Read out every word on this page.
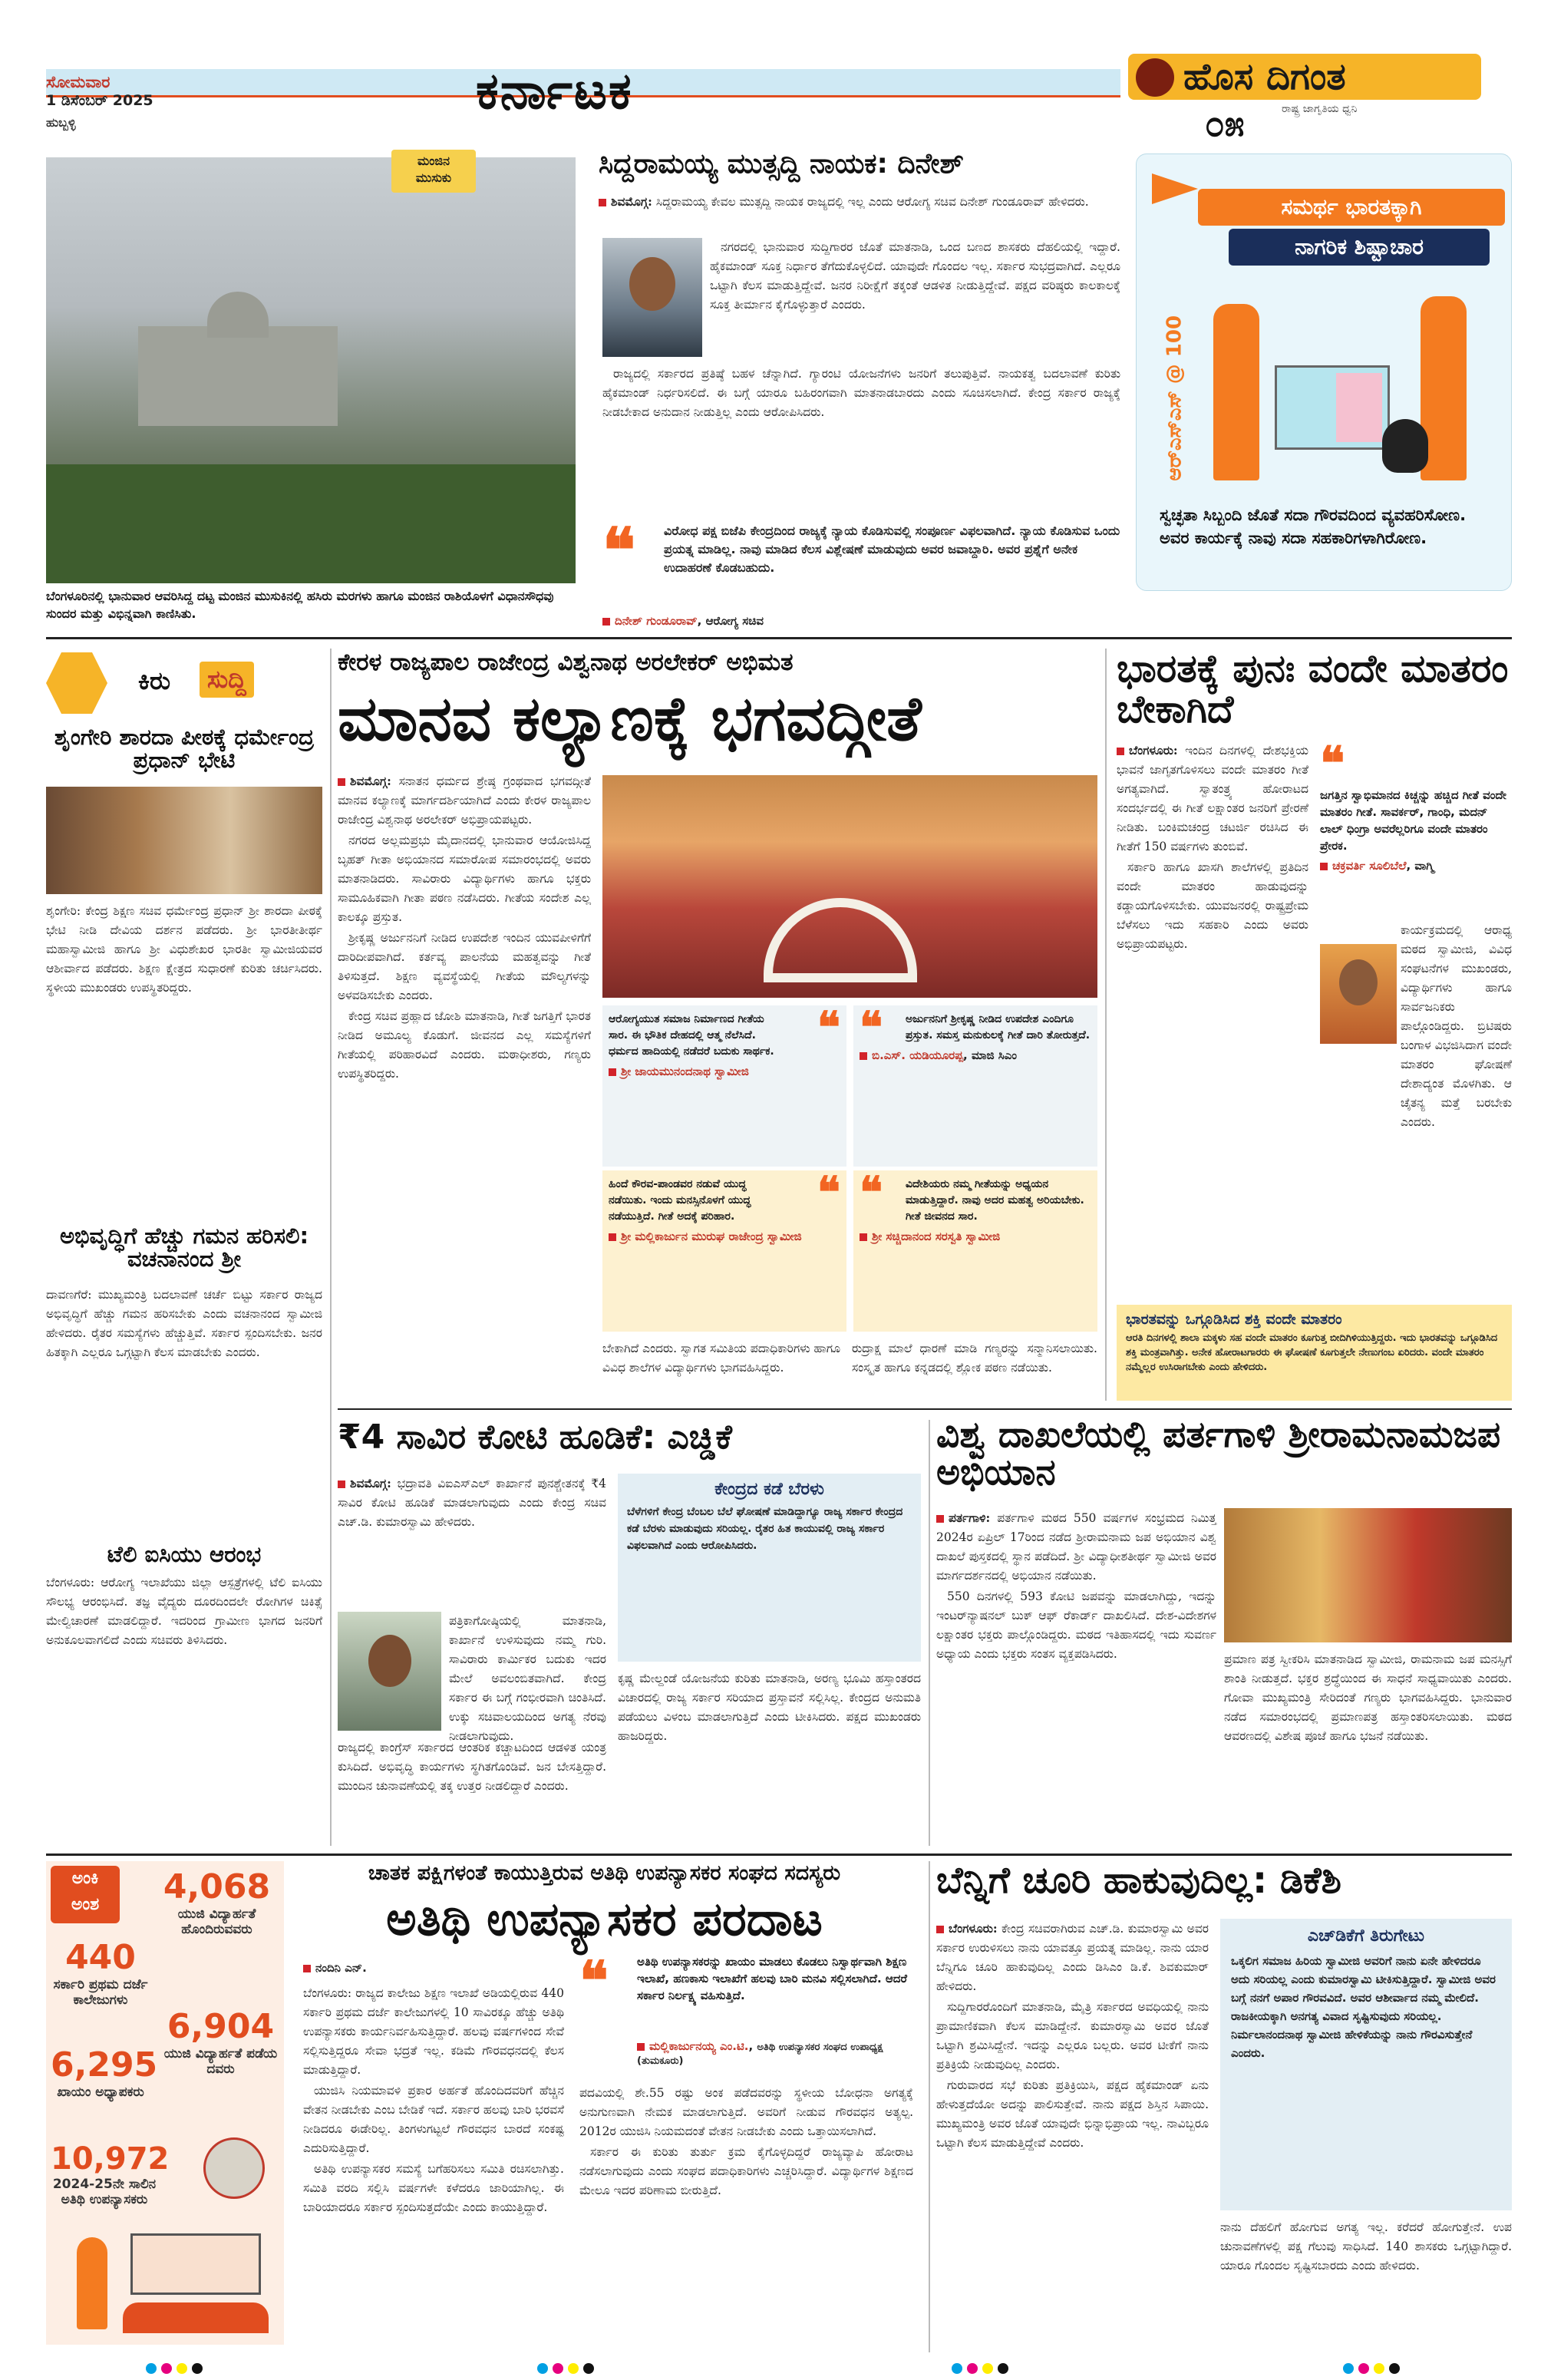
ಸೋಮವಾರ
1 ಡಿಸೆಂಬರ್ 2025
ಹುಬ್ಬಳ್ಳಿ
ಕರ್ನಾಟಕ	ಹೊಸ ದಿಗಂತ
ರಾಷ್ಟ್ರ ಜಾಗೃತಿಯ ಧ್ವನಿ
೦೫
ಮಂಜಿನ ಮುಸುಕು
ಬೆಂಗಳೂರಿನಲ್ಲಿ ಭಾನುವಾರ ಆವರಿಸಿದ್ದ ದಟ್ಟ ಮಂಜಿನ ಮುಸುಕಿನಲ್ಲಿ ಹಸಿರು ಮರಗಳು ಹಾಗೂ ಮಂಜಿನ ರಾಶಿಯೊಳಗೆ ವಿಧಾನಸೌಧವು ಸುಂದರ ಮತ್ತು ವಿಭಿನ್ನವಾಗಿ ಕಾಣಿಸಿತು.
ಸಿದ್ದರಾಮಯ್ಯ ಮುತ್ಸದ್ದಿ ನಾಯಕ: ದಿನೇಶ್

ಶಿವಮೊಗ್ಗ: ಸಿದ್ದರಾಮಯ್ಯ ಕೇವಲ ಮುತ್ಸದ್ದಿ ನಾಯಕ ರಾಜ್ಯದಲ್ಲಿ ಇಲ್ಲ ಎಂದು ಆರೋಗ್ಯ ಸಚಿವ ದಿನೇಶ್ ಗುಂಡೂರಾವ್ ಹೇಳಿದರು.

ನಗರದಲ್ಲಿ ಭಾನುವಾರ ಸುದ್ದಿಗಾರರ ಜೊತೆ ಮಾತನಾಡಿ, ಒಂದ ಬಣದ ಶಾಸಕರು ದೆಹಲಿಯಲ್ಲಿ ಇದ್ದಾರೆ. ಹೈಕಮಾಂಡ್ ಸೂಕ್ತ ನಿರ್ಧಾರ ತೆಗೆದುಕೊಳ್ಳಲಿದೆ. ಯಾವುದೇ ಗೊಂದಲ ಇಲ್ಲ. ಸರ್ಕಾರ ಸುಭದ್ರವಾಗಿದೆ. ಎಲ್ಲರೂ ಒಟ್ಟಾಗಿ ಕೆಲಸ ಮಾಡುತ್ತಿದ್ದೇವೆ. ಜನರ ನಿರೀಕ್ಷೆಗೆ ತಕ್ಕಂತೆ ಆಡಳಿತ ನೀಡುತ್ತಿದ್ದೇವೆ. ಪಕ್ಷದ ವರಿಷ್ಠರು ಕಾಲಕಾಲಕ್ಕೆ ಸೂಕ್ತ ತೀರ್ಮಾನ ಕೈಗೊಳ್ಳುತ್ತಾರೆ ಎಂದರು.

ರಾಜ್ಯದಲ್ಲಿ ಸರ್ಕಾರದ ಪ್ರತಿಷ್ಠೆ ಬಹಳ ಚೆನ್ನಾಗಿದೆ. ಗ್ಯಾರಂಟಿ ಯೋಜನೆಗಳು ಜನರಿಗೆ ತಲುಪುತ್ತಿವೆ. ನಾಯಕತ್ವ ಬದಲಾವಣೆ ಕುರಿತು ಹೈಕಮಾಂಡ್ ನಿರ್ಧರಿಸಲಿದೆ. ಈ ಬಗ್ಗೆ ಯಾರೂ ಬಹಿರಂಗವಾಗಿ ಮಾತನಾಡಬಾರದು ಎಂದು ಸೂಚಿಸಲಾಗಿದೆ. ಕೇಂದ್ರ ಸರ್ಕಾರ ರಾಜ್ಯಕ್ಕೆ ನೀಡಬೇಕಾದ ಅನುದಾನ ನೀಡುತ್ತಿಲ್ಲ ಎಂದು ಆರೋಪಿಸಿದರು.

❝ ವಿರೋಧ ಪಕ್ಷ ಬಿಜೆಪಿ ಕೇಂದ್ರದಿಂದ ರಾಜ್ಯಕ್ಕೆ ನ್ಯಾಯ ಕೊಡಿಸುವಲ್ಲಿ ಸಂಪೂರ್ಣ ವಿಫಲವಾಗಿದೆ. ನ್ಯಾಯ ಕೊಡಿಸುವ ಒಂದು ಪ್ರಯತ್ನ ಮಾಡಿಲ್ಲ. ನಾವು ಮಾಡಿದ ಕೆಲಸ ವಿಶ್ಲೇಷಣೆ ಮಾಡುವುದು ಅವರ ಜವಾಬ್ದಾರಿ. ಅವರ ಪ್ರಶ್ನೆಗೆ ಅನೇಕ ಉದಾಹರಣೆ ಕೊಡಬಹುದು.
ದಿನೇಶ್ ಗುಂಡೂರಾವ್, ಆರೋಗ್ಯ ಸಚಿವ
ಸಮರ್ಥ ಭಾರತಕ್ಕಾಗಿ
ನಾಗರಿಕ ಶಿಷ್ಟಾಚಾರ
ಆರ್‌ಎಸ್‌ಎಸ್ @ 100
ಸ್ವಚ್ಛತಾ ಸಿಬ್ಬಂದಿ ಜೊತೆ ಸದಾ ಗೌರವದಿಂದ ವ್ಯವಹರಿಸೋಣ. ಅವರ ಕಾರ್ಯಕ್ಕೆ ನಾವು ಸದಾ ಸಹಕಾರಿಗಳಾಗಿರೋಣ.
ಕಿರು	ಸುದ್ದಿ
ಶೃಂಗೇರಿ ಶಾರದಾ ಪೀಠಕ್ಕೆ ಧರ್ಮೇಂದ್ರ ಪ್ರಧಾನ್ ಭೇಟಿ

ಶೃಂಗೇರಿ: ಕೇಂದ್ರ ಶಿಕ್ಷಣ ಸಚಿವ ಧರ್ಮೇಂದ್ರ ಪ್ರಧಾನ್ ಶ್ರೀ ಶಾರದಾ ಪೀಠಕ್ಕೆ ಭೇಟಿ ನೀಡಿ ದೇವಿಯ ದರ್ಶನ ಪಡೆದರು. ಶ್ರೀ ಭಾರತೀತೀರ್ಥ ಮಹಾಸ್ವಾಮೀಜಿ ಹಾಗೂ ಶ್ರೀ ವಿಧುಶೇಖರ ಭಾರತೀ ಸ್ವಾಮೀಜಿಯವರ ಆಶೀರ್ವಾದ ಪಡೆದರು. ಶಿಕ್ಷಣ ಕ್ಷೇತ್ರದ ಸುಧಾರಣೆ ಕುರಿತು ಚರ್ಚಿಸಿದರು. ಸ್ಥಳೀಯ ಮುಖಂಡರು ಉಪಸ್ಥಿತರಿದ್ದರು.

ಅಭಿವೃದ್ಧಿಗೆ ಹೆಚ್ಚು ಗಮನ ಹರಿಸಲಿ: ವಚನಾನಂದ ಶ್ರೀ

ದಾವಣಗೆರೆ: ಮುಖ್ಯಮಂತ್ರಿ ಬದಲಾವಣೆ ಚರ್ಚೆ ಬಿಟ್ಟು ಸರ್ಕಾರ ರಾಜ್ಯದ ಅಭಿವೃದ್ಧಿಗೆ ಹೆಚ್ಚು ಗಮನ ಹರಿಸಬೇಕು ಎಂದು ವಚನಾನಂದ ಸ್ವಾಮೀಜಿ ಹೇಳಿದರು. ರೈತರ ಸಮಸ್ಯೆಗಳು ಹೆಚ್ಚುತ್ತಿವೆ. ಸರ್ಕಾರ ಸ್ಪಂದಿಸಬೇಕು. ಜನರ ಹಿತಕ್ಕಾಗಿ ಎಲ್ಲರೂ ಒಗ್ಗಟ್ಟಾಗಿ ಕೆಲಸ ಮಾಡಬೇಕು ಎಂದರು.

ಟೆಲಿ ಐಸಿಯು ಆರಂಭ

ಬೆಂಗಳೂರು: ಆರೋಗ್ಯ ಇಲಾಖೆಯು ಜಿಲ್ಲಾ ಆಸ್ಪತ್ರೆಗಳಲ್ಲಿ ಟೆಲಿ ಐಸಿಯು ಸೌಲಭ್ಯ ಆರಂಭಿಸಿದೆ. ತಜ್ಞ ವೈದ್ಯರು ದೂರದಿಂದಲೇ ರೋಗಿಗಳ ಚಿಕಿತ್ಸೆ ಮೇಲ್ವಿಚಾರಣೆ ಮಾಡಲಿದ್ದಾರೆ. ಇದರಿಂದ ಗ್ರಾಮೀಣ ಭಾಗದ ಜನರಿಗೆ ಅನುಕೂಲವಾಗಲಿದೆ ಎಂದು ಸಚಿವರು ತಿಳಿಸಿದರು.

ಕೇರಳ ರಾಜ್ಯಪಾಲ ರಾಜೇಂದ್ರ ವಿಶ್ವನಾಥ ಅರಲೇಕರ್ ಅಭಿಮತ
ಮಾನವ ಕಲ್ಯಾಣಕ್ಕೆ ಭಗವದ್ಗೀತೆ

ಶಿವಮೊಗ್ಗ: ಸನಾತನ ಧರ್ಮದ ಶ್ರೇಷ್ಠ ಗ್ರಂಥವಾದ ಭಗವದ್ಗೀತೆ ಮಾನವ ಕಲ್ಯಾಣಕ್ಕೆ ಮಾರ್ಗದರ್ಶಿಯಾಗಿದೆ ಎಂದು ಕೇರಳ ರಾಜ್ಯಪಾಲ ರಾಜೇಂದ್ರ ವಿಶ್ವನಾಥ ಅರಲೇಕರ್ ಅಭಿಪ್ರಾಯಪಟ್ಟರು.

ನಗರದ ಅಲ್ಲಮಪ್ರಭು ಮೈದಾನದಲ್ಲಿ ಭಾನುವಾರ ಆಯೋಜಿಸಿದ್ದ ಬೃಹತ್ ಗೀತಾ ಅಭಿಯಾನದ ಸಮಾರೋಪ ಸಮಾರಂಭದಲ್ಲಿ ಅವರು ಮಾತನಾಡಿದರು. ಸಾವಿರಾರು ವಿದ್ಯಾರ್ಥಿಗಳು ಹಾಗೂ ಭಕ್ತರು ಸಾಮೂಹಿಕವಾಗಿ ಗೀತಾ ಪಠಣ ನಡೆಸಿದರು. ಗೀತೆಯ ಸಂದೇಶ ಎಲ್ಲ ಕಾಲಕ್ಕೂ ಪ್ರಸ್ತುತ.

ಶ್ರೀಕೃಷ್ಣ ಅರ್ಜುನನಿಗೆ ನೀಡಿದ ಉಪದೇಶ ಇಂದಿನ ಯುವಪೀಳಿಗೆಗೆ ದಾರಿದೀಪವಾಗಿದೆ. ಕರ್ತವ್ಯ ಪಾಲನೆಯ ಮಹತ್ವವನ್ನು ಗೀತೆ ತಿಳಿಸುತ್ತದೆ. ಶಿಕ್ಷಣ ವ್ಯವಸ್ಥೆಯಲ್ಲಿ ಗೀತೆಯ ಮೌಲ್ಯಗಳನ್ನು ಅಳವಡಿಸಬೇಕು ಎಂದರು.

ಕೇಂದ್ರ ಸಚಿವ ಪ್ರಹ್ಲಾದ ಜೋಶಿ ಮಾತನಾಡಿ, ಗೀತೆ ಜಗತ್ತಿಗೆ ಭಾರತ ನೀಡಿದ ಅಮೂಲ್ಯ ಕೊಡುಗೆ. ಜೀವನದ ಎಲ್ಲ ಸಮಸ್ಯೆಗಳಿಗೆ ಗೀತೆಯಲ್ಲಿ ಪರಿಹಾರವಿದೆ ಎಂದರು. ಮಠಾಧೀಶರು, ಗಣ್ಯರು ಉಪಸ್ಥಿತರಿದ್ದರು.

❝
ಆರೋಗ್ಯಯುತ ಸಮಾಜ ನಿರ್ಮಾಣದ ಗೀತೆಯ ಸಾರ. ಈ ಭೌತಿಕ ದೇಹದಲ್ಲಿ ಆತ್ಮ ನೆಲೆಸಿದೆ. ಧರ್ಮದ ಹಾದಿಯಲ್ಲಿ ನಡೆದರೆ ಬದುಕು ಸಾರ್ಥಕ.
ಶ್ರೀ ಜಾಯಮುನಂದನಾಥ ಸ್ವಾಮೀಜಿ
❝ ಅರ್ಜುನನಿಗೆ ಶ್ರೀಕೃಷ್ಣ ನೀಡಿದ ಉಪದೇಶ ಎಂದಿಗೂ ಪ್ರಸ್ತುತ. ಸಮಸ್ತ ಮನುಕುಲಕ್ಕೆ ಗೀತೆ ದಾರಿ ತೋರುತ್ತದೆ.
ಬಿ.ಎಸ್. ಯಡಿಯೂರಪ್ಪ, ಮಾಜಿ ಸಿಎಂ
❝
ಹಿಂದೆ ಕೌರವ-ಪಾಂಡವರ ನಡುವೆ ಯುದ್ಧ ನಡೆಯಿತು. ಇಂದು ಮನಸ್ಸಿನೊಳಗೆ ಯುದ್ಧ ನಡೆಯುತ್ತಿದೆ. ಗೀತೆ ಅದಕ್ಕೆ ಪರಿಹಾರ.
ಶ್ರೀ ಮಲ್ಲಿಕಾರ್ಜುನ ಮುರುಘ ರಾಜೇಂದ್ರ ಸ್ವಾಮೀಜಿ
❝ ವಿದೇಶಿಯರು ನಮ್ಮ ಗೀತೆಯನ್ನು ಅಧ್ಯಯನ ಮಾಡುತ್ತಿದ್ದಾರೆ. ನಾವು ಅದರ ಮಹತ್ವ ಅರಿಯಬೇಕು. ಗೀತೆ ಜೀವನದ ಸಾರ.
ಶ್ರೀ ಸಚ್ಚಿದಾನಂದ ಸರಸ್ವತಿ ಸ್ವಾಮೀಜಿ

ಬೇಕಾಗಿದೆ ಎಂದರು. ಸ್ವಾಗತ ಸಮಿತಿಯ ಪದಾಧಿಕಾರಿಗಳು ಹಾಗೂ ವಿವಿಧ ಶಾಲೆಗಳ ವಿದ್ಯಾರ್ಥಿಗಳು ಭಾಗವಹಿಸಿದ್ದರು.

ರುದ್ರಾಕ್ಷ ಮಾಲೆ ಧಾರಣೆ ಮಾಡಿ ಗಣ್ಯರನ್ನು ಸನ್ಮಾನಿಸಲಾಯಿತು. ಸಂಸ್ಕೃತ ಹಾಗೂ ಕನ್ನಡದಲ್ಲಿ ಶ್ಲೋಕ ಪಠಣ ನಡೆಯಿತು.

ಭಾರತಕ್ಕೆ ಪುನಃ ವಂದೇ ಮಾತರಂ ಬೇಕಾಗಿದೆ

ಬೆಂಗಳೂರು: ಇಂದಿನ ದಿನಗಳಲ್ಲಿ ದೇಶಭಕ್ತಿಯ ಭಾವನೆ ಜಾಗೃತಗೊಳಿಸಲು ವಂದೇ ಮಾತರಂ ಗೀತೆ ಅಗತ್ಯವಾಗಿದೆ. ಸ್ವಾತಂತ್ರ್ಯ ಹೋರಾಟದ ಸಂದರ್ಭದಲ್ಲಿ ಈ ಗೀತೆ ಲಕ್ಷಾಂತರ ಜನರಿಗೆ ಪ್ರೇರಣೆ ನೀಡಿತು. ಬಂಕಿಮಚಂದ್ರ ಚಟರ್ಜಿ ರಚಿಸಿದ ಈ ಗೀತೆಗೆ 150 ವರ್ಷಗಳು ತುಂಬಿವೆ.

ಸರ್ಕಾರಿ ಹಾಗೂ ಖಾಸಗಿ ಶಾಲೆಗಳಲ್ಲಿ ಪ್ರತಿದಿನ ವಂದೇ ಮಾತರಂ ಹಾಡುವುದನ್ನು ಕಡ್ಡಾಯಗೊಳಿಸಬೇಕು. ಯುವಜನರಲ್ಲಿ ರಾಷ್ಟ್ರಪ್ರೇಮ ಬೆಳೆಸಲು ಇದು ಸಹಕಾರಿ ಎಂದು ಅವರು ಅಭಿಪ್ರಾಯಪಟ್ಟರು.

❝
ಜಗತ್ತಿನ ಸ್ವಾಭಿಮಾನದ ಕಿಚ್ಚನ್ನು ಹಚ್ಚಿದ ಗೀತೆ ವಂದೇ ಮಾತರಂ ಗೀತೆ. ಸಾವರ್ಕರ್, ಗಾಂಧಿ, ಮದನ್ ಲಾಲ್ ಧಿಂಗ್ರಾ ಅವರೆಲ್ಲರಿಗೂ ವಂದೇ ಮಾತರಂ ಪ್ರೇರಕ.
ಚಕ್ರವರ್ತಿ ಸೂಲಿಬೆಲೆ, ವಾಗ್ಮಿ

ಕಾರ್ಯಕ್ರಮದಲ್ಲಿ ಆರಾಧ್ಯ ಮಠದ ಸ್ವಾಮೀಜಿ, ವಿವಿಧ ಸಂಘಟನೆಗಳ ಮುಖಂಡರು, ವಿದ್ಯಾರ್ಥಿಗಳು ಹಾಗೂ ಸಾರ್ವಜನಿಕರು ಪಾಲ್ಗೊಂಡಿದ್ದರು. ಬ್ರಿಟಿಷರು ಬಂಗಾಳ ವಿಭಜಿಸಿದಾಗ ವಂದೇ ಮಾತರಂ ಘೋಷಣೆ ದೇಶಾದ್ಯಂತ ಮೊಳಗಿತು. ಆ ಚೈತನ್ಯ ಮತ್ತೆ ಬರಬೇಕು ಎಂದರು.

ಭಾರತವನ್ನು ಒಗ್ಗೂಡಿಸಿದ ಶಕ್ತಿ ವಂದೇ ಮಾತರಂ
ಆರತಿ ದಿನಗಳಲ್ಲಿ ಶಾಲಾ ಮಕ್ಕಳು ಸಹ ವಂದೇ ಮಾತರಂ ಕೂಗುತ್ತ ಬೀದಿಗಿಳಿಯುತ್ತಿದ್ದರು. ಇದು ಭಾರತವನ್ನು ಒಗ್ಗೂಡಿಸಿದ ಶಕ್ತಿ ಮಂತ್ರವಾಗಿತ್ತು. ಅನೇಕ ಹೋರಾಟಗಾರರು ಈ ಘೋಷಣೆ ಕೂಗುತ್ತಲೇ ನೇಣುಗಂಬ ಏರಿದರು. ವಂದೇ ಮಾತರಂ ನಮ್ಮೆಲ್ಲರ ಉಸಿರಾಗಬೇಕು ಎಂದು ಹೇಳಿದರು.
₹4 ಸಾವಿರ ಕೋಟಿ ಹೂಡಿಕೆ: ಎಚ್ಡಿಕೆ

ಶಿವಮೊಗ್ಗ: ಭದ್ರಾವತಿ ವಿಐಎಸ್‌ಎಲ್ ಕಾರ್ಖಾನೆ ಪುನಶ್ಚೇತನಕ್ಕೆ ₹4 ಸಾವಿರ ಕೋಟಿ ಹೂಡಿಕೆ ಮಾಡಲಾಗುವುದು ಎಂದು ಕೇಂದ್ರ ಸಚಿವ ಎಚ್.ಡಿ. ಕುಮಾರಸ್ವಾಮಿ ಹೇಳಿದರು.

ಪತ್ರಿಕಾಗೋಷ್ಠಿಯಲ್ಲಿ ಮಾತನಾಡಿ, ಕಾರ್ಖಾನೆ ಉಳಿಸುವುದು ನಮ್ಮ ಗುರಿ. ಸಾವಿರಾರು ಕಾರ್ಮಿಕರ ಬದುಕು ಇದರ ಮೇಲೆ ಅವಲಂಬಿತವಾಗಿದೆ. ಕೇಂದ್ರ ಸರ್ಕಾರ ಈ ಬಗ್ಗೆ ಗಂಭೀರವಾಗಿ ಚಿಂತಿಸಿದೆ. ಉಕ್ಕು ಸಚಿವಾಲಯದಿಂದ ಅಗತ್ಯ ನೆರವು ನೀಡಲಾಗುವುದು.

ರಾಜ್ಯದಲ್ಲಿ ಕಾಂಗ್ರೆಸ್ ಸರ್ಕಾರದ ಆಂತರಿಕ ಕಚ್ಚಾಟದಿಂದ ಆಡಳಿತ ಯಂತ್ರ ಕುಸಿದಿದೆ. ಅಭಿವೃದ್ಧಿ ಕಾರ್ಯಗಳು ಸ್ಥಗಿತಗೊಂಡಿವೆ. ಜನ ಬೇಸತ್ತಿದ್ದಾರೆ. ಮುಂದಿನ ಚುನಾವಣೆಯಲ್ಲಿ ತಕ್ಕ ಉತ್ತರ ನೀಡಲಿದ್ದಾರೆ ಎಂದರು.

ಕೇಂದ್ರದ ಕಡೆ ಬೆರಳು
ಬೆಳೆಗಳಿಗೆ ಕೇಂದ್ರ ಬೆಂಬಲ ಬೆಲೆ ಘೋಷಣೆ ಮಾಡಿದ್ದಾಗ್ಯೂ ರಾಜ್ಯ ಸರ್ಕಾರ ಕೇಂದ್ರದ ಕಡೆ ಬೆರಳು ಮಾಡುವುದು ಸರಿಯಲ್ಲ. ರೈತರ ಹಿತ ಕಾಯುವಲ್ಲಿ ರಾಜ್ಯ ಸರ್ಕಾರ ವಿಫಲವಾಗಿದೆ ಎಂದು ಆರೋಪಿಸಿದರು.

ಕೃಷ್ಣ ಮೇಲ್ದಂಡೆ ಯೋಜನೆಯ ಕುರಿತು ಮಾತನಾಡಿ, ಅರಣ್ಯ ಭೂಮಿ ಹಸ್ತಾಂತರದ ವಿಚಾರದಲ್ಲಿ ರಾಜ್ಯ ಸರ್ಕಾರ ಸರಿಯಾದ ಪ್ರಸ್ತಾವನೆ ಸಲ್ಲಿಸಿಲ್ಲ. ಕೇಂದ್ರದ ಅನುಮತಿ ಪಡೆಯಲು ವಿಳಂಬ ಮಾಡಲಾಗುತ್ತಿದೆ ಎಂದು ಟೀಕಿಸಿದರು. ಪಕ್ಷದ ಮುಖಂಡರು ಹಾಜರಿದ್ದರು.

ವಿಶ್ವ ದಾಖಲೆಯಲ್ಲಿ ಪರ್ತಗಾಳಿ ಶ್ರೀರಾಮನಾಮಜಪ ಅಭಿಯಾನ

ಪರ್ತಗಾಳಿ: ಪರ್ತಗಾಳಿ ಮಠದ 550 ವರ್ಷಗಳ ಸಂಭ್ರಮದ ನಿಮಿತ್ತ 2024ರ ಏಪ್ರಿಲ್ 17ರಿಂದ ನಡೆದ ಶ್ರೀರಾಮನಾಮ ಜಪ ಅಭಿಯಾನ ವಿಶ್ವ ದಾಖಲೆ ಪುಸ್ತಕದಲ್ಲಿ ಸ್ಥಾನ ಪಡೆದಿದೆ. ಶ್ರೀ ವಿದ್ಯಾಧೀಶತೀರ್ಥ ಸ್ವಾಮೀಜಿ ಅವರ ಮಾರ್ಗದರ್ಶನದಲ್ಲಿ ಅಭಿಯಾನ ನಡೆಯಿತು.

550 ದಿನಗಳಲ್ಲಿ 593 ಕೋಟಿ ಜಪವನ್ನು ಮಾಡಲಾಗಿದ್ದು, ಇದನ್ನು ಇಂಟರ್‌ನ್ಯಾಷನಲ್ ಬುಕ್ ಆಫ್ ರೆಕಾರ್ಡ್ ದಾಖಲಿಸಿದೆ. ದೇಶ-ವಿದೇಶಗಳ ಲಕ್ಷಾಂತರ ಭಕ್ತರು ಪಾಲ್ಗೊಂಡಿದ್ದರು. ಮಠದ ಇತಿಹಾಸದಲ್ಲಿ ಇದು ಸುವರ್ಣ ಅಧ್ಯಾಯ ಎಂದು ಭಕ್ತರು ಸಂತಸ ವ್ಯಕ್ತಪಡಿಸಿದರು.	ಪ್ರಮಾಣ ಪತ್ರ ಸ್ವೀಕರಿಸಿ ಮಾತನಾಡಿದ ಸ್ವಾಮೀಜಿ, ರಾಮನಾಮ ಜಪ ಮನಸ್ಸಿಗೆ ಶಾಂತಿ ನೀಡುತ್ತದೆ. ಭಕ್ತರ ಶ್ರದ್ಧೆಯಿಂದ ಈ ಸಾಧನೆ ಸಾಧ್ಯವಾಯಿತು ಎಂದರು. ಗೋವಾ ಮುಖ್ಯಮಂತ್ರಿ ಸೇರಿದಂತೆ ಗಣ್ಯರು ಭಾಗವಹಿಸಿದ್ದರು. ಭಾನುವಾರ ನಡೆದ ಸಮಾರಂಭದಲ್ಲಿ ಪ್ರಮಾಣಪತ್ರ ಹಸ್ತಾಂತರಿಸಲಾಯಿತು. ಮಠದ ಆವರಣದಲ್ಲಿ ವಿಶೇಷ ಪೂಜೆ ಹಾಗೂ ಭಜನೆ ನಡೆಯಿತು.

ಅಂಕಿ
ಅಂಶ
440
ಸರ್ಕಾರಿ ಪ್ರಥಮ ದರ್ಜೆ ಕಾಲೇಜುಗಳು
4,068
ಯುಜಿ ವಿದ್ಯಾರ್ಹತೆ ಹೊಂದಿರುವವರು
6,295
ಖಾಯಂ ಅಧ್ಯಾಪಕರು
6,904
ಯುಜಿ ವಿದ್ಯಾರ್ಹತೆ ಪಡೆಯ ದವರು
10,972
2024-25ನೇ ಸಾಲಿನ ಅತಿಥಿ ಉಪನ್ಯಾಸಕರು
ಚಾತಕ ಪಕ್ಷಿಗಳಂತೆ ಕಾಯುತ್ತಿರುವ ಅತಿಥಿ ಉಪನ್ಯಾಸಕರ ಸಂಘದ ಸದಸ್ಯರು
ಅತಿಥಿ ಉಪನ್ಯಾಸಕರ ಪರದಾಟ
ನಂದಿನಿ ಎನ್.

ಬೆಂಗಳೂರು: ರಾಜ್ಯದ ಕಾಲೇಜು ಶಿಕ್ಷಣ ಇಲಾಖೆ ಅಡಿಯಲ್ಲಿರುವ 440 ಸರ್ಕಾರಿ ಪ್ರಥಮ ದರ್ಜೆ ಕಾಲೇಜುಗಳಲ್ಲಿ 10 ಸಾವಿರಕ್ಕೂ ಹೆಚ್ಚು ಅತಿಥಿ ಉಪನ್ಯಾಸಕರು ಕಾರ್ಯನಿರ್ವಹಿಸುತ್ತಿದ್ದಾರೆ. ಹಲವು ವರ್ಷಗಳಿಂದ ಸೇವೆ ಸಲ್ಲಿಸುತ್ತಿದ್ದರೂ ಸೇವಾ ಭದ್ರತೆ ಇಲ್ಲ. ಕಡಿಮೆ ಗೌರವಧನದಲ್ಲಿ ಕೆಲಸ ಮಾಡುತ್ತಿದ್ದಾರೆ.

ಯುಜಿಸಿ ನಿಯಮಾವಳಿ ಪ್ರಕಾರ ಅರ್ಹತೆ ಹೊಂದಿದವರಿಗೆ ಹೆಚ್ಚಿನ ವೇತನ ನೀಡಬೇಕು ಎಂಬ ಬೇಡಿಕೆ ಇದೆ. ಸರ್ಕಾರ ಹಲವು ಬಾರಿ ಭರವಸೆ ನೀಡಿದರೂ ಈಡೇರಿಲ್ಲ. ತಿಂಗಳುಗಟ್ಟಲೆ ಗೌರವಧನ ಬಾರದೆ ಸಂಕಷ್ಟ ಎದುರಿಸುತ್ತಿದ್ದಾರೆ.

ಅತಿಥಿ ಉಪನ್ಯಾಸಕರ ಸಮಸ್ಯೆ ಬಗೆಹರಿಸಲು ಸಮಿತಿ ರಚಿಸಲಾಗಿತ್ತು. ಸಮಿತಿ ವರದಿ ಸಲ್ಲಿಸಿ ವರ್ಷಗಳೇ ಕಳೆದರೂ ಜಾರಿಯಾಗಿಲ್ಲ. ಈ ಬಾರಿಯಾದರೂ ಸರ್ಕಾರ ಸ್ಪಂದಿಸುತ್ತದೆಯೇ ಎಂದು ಕಾಯುತ್ತಿದ್ದಾರೆ.

❝ ಅತಿಥಿ ಉಪನ್ಯಾಸಕರನ್ನು ಖಾಯಂ ಮಾಡಲು ಕೊಡಲು ನಿಸ್ವಾರ್ಥವಾಗಿ ಶಿಕ್ಷಣ ಇಲಾಖೆ, ಹಣಕಾಸು ಇಲಾಖೆಗೆ ಹಲವು ಬಾರಿ ಮನವಿ ಸಲ್ಲಿಸಲಾಗಿದೆ. ಆದರೆ ಸರ್ಕಾರ ನಿರ್ಲಕ್ಷ್ಯ ವಹಿಸುತ್ತಿದೆ.
ಮಲ್ಲಿಕಾರ್ಜುನಯ್ಯ ಎಂ.ಟಿ., ಅತಿಥಿ ಉಪನ್ಯಾಸಕರ ಸಂಘದ ಉಪಾಧ್ಯಕ್ಷ (ತುಮಕೂರು)

ಪದವಿಯಲ್ಲಿ ಶೇ.55 ರಷ್ಟು ಅಂಕ ಪಡೆದವರನ್ನು ಸ್ಥಳೀಯ ಬೋಧನಾ ಅಗತ್ಯಕ್ಕೆ ಅನುಗುಣವಾಗಿ ನೇಮಕ ಮಾಡಲಾಗುತ್ತಿದೆ. ಅವರಿಗೆ ನೀಡುವ ಗೌರವಧನ ಅತ್ಯಲ್ಪ. 2012ರ ಯುಜಿಸಿ ನಿಯಮದಂತೆ ವೇತನ ನೀಡಬೇಕು ಎಂದು ಒತ್ತಾಯಿಸಲಾಗಿದೆ.

ಸರ್ಕಾರ ಈ ಕುರಿತು ತುರ್ತು ಕ್ರಮ ಕೈಗೊಳ್ಳದಿದ್ದರೆ ರಾಜ್ಯವ್ಯಾಪಿ ಹೋರಾಟ ನಡೆಸಲಾಗುವುದು ಎಂದು ಸಂಘದ ಪದಾಧಿಕಾರಿಗಳು ಎಚ್ಚರಿಸಿದ್ದಾರೆ. ವಿದ್ಯಾರ್ಥಿಗಳ ಶಿಕ್ಷಣದ ಮೇಲೂ ಇದರ ಪರಿಣಾಮ ಬೀರುತ್ತಿದೆ.

ಬೆನ್ನಿಗೆ ಚೂರಿ ಹಾಕುವುದಿಲ್ಲ: ಡಿಕೆಶಿ

ಬೆಂಗಳೂರು: ಕೇಂದ್ರ ಸಚಿವರಾಗಿರುವ ಎಚ್.ಡಿ. ಕುಮಾರಸ್ವಾಮಿ ಅವರ ಸರ್ಕಾರ ಉರುಳಿಸಲು ನಾನು ಯಾವತ್ತೂ ಪ್ರಯತ್ನ ಮಾಡಿಲ್ಲ. ನಾನು ಯಾರ ಬೆನ್ನಿಗೂ ಚೂರಿ ಹಾಕುವುದಿಲ್ಲ ಎಂದು ಡಿಸಿಎಂ ಡಿ.ಕೆ. ಶಿವಕುಮಾರ್ ಹೇಳಿದರು.

ಸುದ್ದಿಗಾರರೊಂದಿಗೆ ಮಾತನಾಡಿ, ಮೈತ್ರಿ ಸರ್ಕಾರದ ಅವಧಿಯಲ್ಲಿ ನಾನು ಪ್ರಾಮಾಣಿಕವಾಗಿ ಕೆಲಸ ಮಾಡಿದ್ದೇನೆ. ಕುಮಾರಸ್ವಾಮಿ ಅವರ ಜೊತೆ ಒಟ್ಟಾಗಿ ಶ್ರಮಿಸಿದ್ದೇನೆ. ಇದನ್ನು ಎಲ್ಲರೂ ಬಲ್ಲರು. ಅವರ ಟೀಕೆಗೆ ನಾನು ಪ್ರತಿಕ್ರಿಯೆ ನೀಡುವುದಿಲ್ಲ ಎಂದರು.

ಗುರುವಾರದ ಸಭೆ ಕುರಿತು ಪ್ರತಿಕ್ರಿಯಿಸಿ, ಪಕ್ಷದ ಹೈಕಮಾಂಡ್ ಏನು ಹೇಳುತ್ತದೆಯೋ ಅದನ್ನು ಪಾಲಿಸುತ್ತೇವೆ. ನಾನು ಪಕ್ಷದ ಶಿಸ್ತಿನ ಸಿಪಾಯಿ. ಮುಖ್ಯಮಂತ್ರಿ ಅವರ ಜೊತೆ ಯಾವುದೇ ಭಿನ್ನಾಭಿಪ್ರಾಯ ಇಲ್ಲ. ನಾವಿಬ್ಬರೂ ಒಟ್ಟಾಗಿ ಕೆಲಸ ಮಾಡುತ್ತಿದ್ದೇವೆ ಎಂದರು.

ಎಚ್‌ಡಿಕೆಗೆ ತಿರುಗೇಟು
ಒಕ್ಕಲಿಗ ಸಮಾಜ ಹಿರಿಯ ಸ್ವಾಮೀಜಿ ಅವರಿಗೆ ನಾನು ಏನೇ ಹೇಳಿದರೂ ಅದು ಸರಿಯಲ್ಲ ಎಂದು ಕುಮಾರಸ್ವಾಮಿ ಟೀಕಿಸುತ್ತಿದ್ದಾರೆ. ಸ್ವಾಮೀಜಿ ಅವರ ಬಗ್ಗೆ ನನಗೆ ಅಪಾರ ಗೌರವವಿದೆ. ಅವರ ಆಶೀರ್ವಾದ ನಮ್ಮ ಮೇಲಿದೆ. ರಾಜಕೀಯಕ್ಕಾಗಿ ಅನಗತ್ಯ ವಿವಾದ ಸೃಷ್ಟಿಸುವುದು ಸರಿಯಲ್ಲ. ನಿರ್ಮಲಾನಂದನಾಥ ಸ್ವಾಮೀಜಿ ಹೇಳಿಕೆಯನ್ನು ನಾನು ಗೌರವಿಸುತ್ತೇನೆ ಎಂದರು.

ನಾನು ದೆಹಲಿಗೆ ಹೋಗುವ ಅಗತ್ಯ ಇಲ್ಲ. ಕರೆದರೆ ಹೋಗುತ್ತೇನೆ. ಉಪ ಚುನಾವಣೆಗಳಲ್ಲಿ ಪಕ್ಷ ಗೆಲುವು ಸಾಧಿಸಿದೆ. 140 ಶಾಸಕರು ಒಗ್ಗಟ್ಟಾಗಿದ್ದಾರೆ. ಯಾರೂ ಗೊಂದಲ ಸೃಷ್ಟಿಸಬಾರದು ಎಂದು ಹೇಳಿದರು.
